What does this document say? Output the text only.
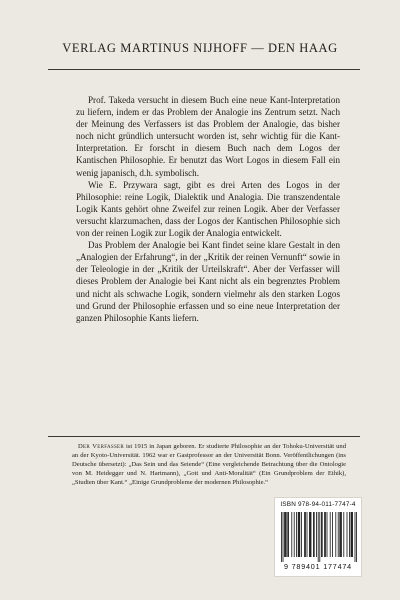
VERLAG MARTINUS NIJHOFF — DEN HAAG

Prof. Takeda versucht in diesem Buch eine neue Kant-Interpretation zu liefern, indem er das Problem der Analogie ins Zentrum setzt. Nach der Meinung des Verfassers ist das Problem der Analogie, das bisher noch nicht gründlich untersucht worden ist, sehr wichtig für die Kant-Interpretation. Er forscht in diesem Buch nach dem Logos der Kantischen Philosophie. Er benutzt das Wort Logos in diesem Fall ein wenig japanisch, d.h. symbolisch.

Wie E. Przywara sagt, gibt es drei Arten des Logos in der Philosophie: reine Logik, Dialektik und Analogia. Die transzendentale Logik Kants gehört ohne Zweifel zur reinen Logik. Aber der Verfasser versucht klarzumachen, dass der Logos der Kantischen Philosophie sich von der reinen Logik zur Logik der Analogia entwickelt.

Das Problem der Analogie bei Kant findet seine klare Gestalt in den „Analogien der Erfahrung“, in der „Kritik der reinen Vernunft“ sowie in der Teleologie in der „Kritik der Urteilskraft“. Aber der Verfasser will dieses Problem der Analogie bei Kant nicht als ein begrenztes Problem und nicht als schwache Logik, sondern vielmehr als den starken Logos und Grund der Philosophie erfassen und so eine neue Interpretation der ganzen Philosophie Kants liefern.

Der Verfasser ist 1915 in Japan geboren. Er studierte Philosophie an der Tohoku-Universität und an der Kyoto-Universität. 1962 war er Gastprofessor an der Universität Bonn. Veröffentlichungen (ins Deutsche übersetzt): „Das Sein und das Seiende“ (Eine vergleichende Betrachtung über die Ontologie von M. Heidegger und N. Hartmann), „Gott und Anti-Moralität“ (Ein Grundproblem der Ethik), „Studien über Kant.“ „Einige Grundprobleme der modernen Philosophie.“
ISBN 978-94-011-7747-4
9 789401 177474
